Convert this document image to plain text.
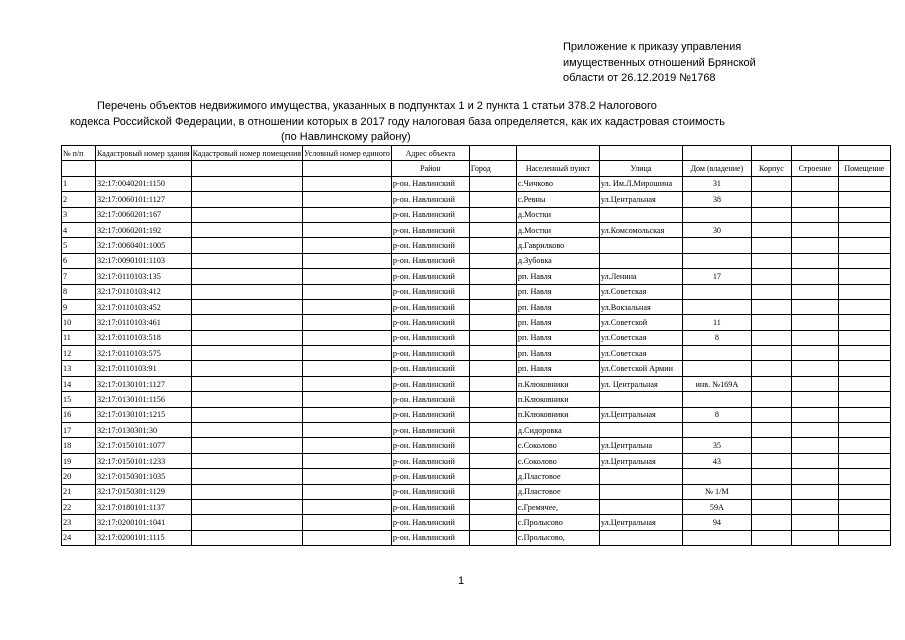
Приложение к приказу управления
имущественных отношений Брянской
области от 26.12.2019 №1768
Перечень объектов недвижимого имущества, указанных в подпунктах 1 и 2 пункта 1 статьи 378.2 Налогового
кодекса Российской Федерации, в отношении которых в 2017 году налоговая база определяется, как их кадастровая стоимость
(по Навлинскому району)
№ п/п	Кадастровый номер здания	Кадастровый номер помещения	Условный номер единого	Адрес объекта							
				Район	Город	Населенный пункт	Улица	Дом (владение)	Корпус	Строение	Помещение
1	32:17:0040201:1150			р-он. Навлинский		с.Чичково	ул. Им.Л.Мирошина	31			
2	32:17:0060101:1127			р-он. Навлинский		с.Ревны	ул.Центральная	38			
3	32:17:0060201:167			р-он. Навлинский		д.Мостки					
4	32:17:0060201:192			р-он. Навлинский		д.Мостки	ул.Комсомольская	30			
5	32:17:0060401:1005			р-он. Навлинский		д.Гаврилково					
6	32:17:0090101:1103			р-он. Навлинский		д.Зубовка					
7	32:17:0110103:135			р-он. Навлинский		рп. Навля	ул.Ленина	17			
8	32:17:0110103:412			р-он. Навлинский		рп. Навля	ул.Советская				
9	32:17:0110103:452			р-он. Навлинский		рп. Навля	ул.Вокзальная				
10	32:17:0110103:461			р-он. Навлинский		рп. Навля	ул.Советской	11			
11	32:17:0110103:518			р-он. Навлинский		рп. Навля	ул.Советская	8			
12	32:17:0110103:575			р-он. Навлинский		рп. Навля	ул.Советская				
13	32:17:0110103:91			р-он. Навлинский		рп. Навля	ул.Советской Армии				
14	32:17:0130101:1127			р-он. Навлинский		п.Клюковники	ул. Центральная	инв. №169А			
15	32:17:0130101:1156			р-он. Навлинский		п.Клюковники					
16	32:17:0130101:1215			р-он. Навлинский		п.Клюковники	ул.Центральная	8			
17	32:17:0130301:30			р-он. Навлинский		д.Сидоровка					
18	32:17:0150101:1077			р-он. Навлинский		с.Соколово	ул.Центральна	35			
19	32:17:0150101:1233			р-он. Навлинский		с.Соколово	ул.Центральная	43			
20	32:17:0150301:1035			р-он. Навлинский		д.Пластовое					
21	32:17:0150301:1129			р-он. Навлинский		д.Пластовое		№ 1/М			
22	32:17:0180101:1137			р-он. Навлинский		с.Гремячее,		59А			
23	32:17:0200101:1041			р-он. Навлинский		с.Пролысово	ул.Центральная	94			
24	32:17:0200101:1115			р-он. Навлинский		с.Пролысово,					
1
